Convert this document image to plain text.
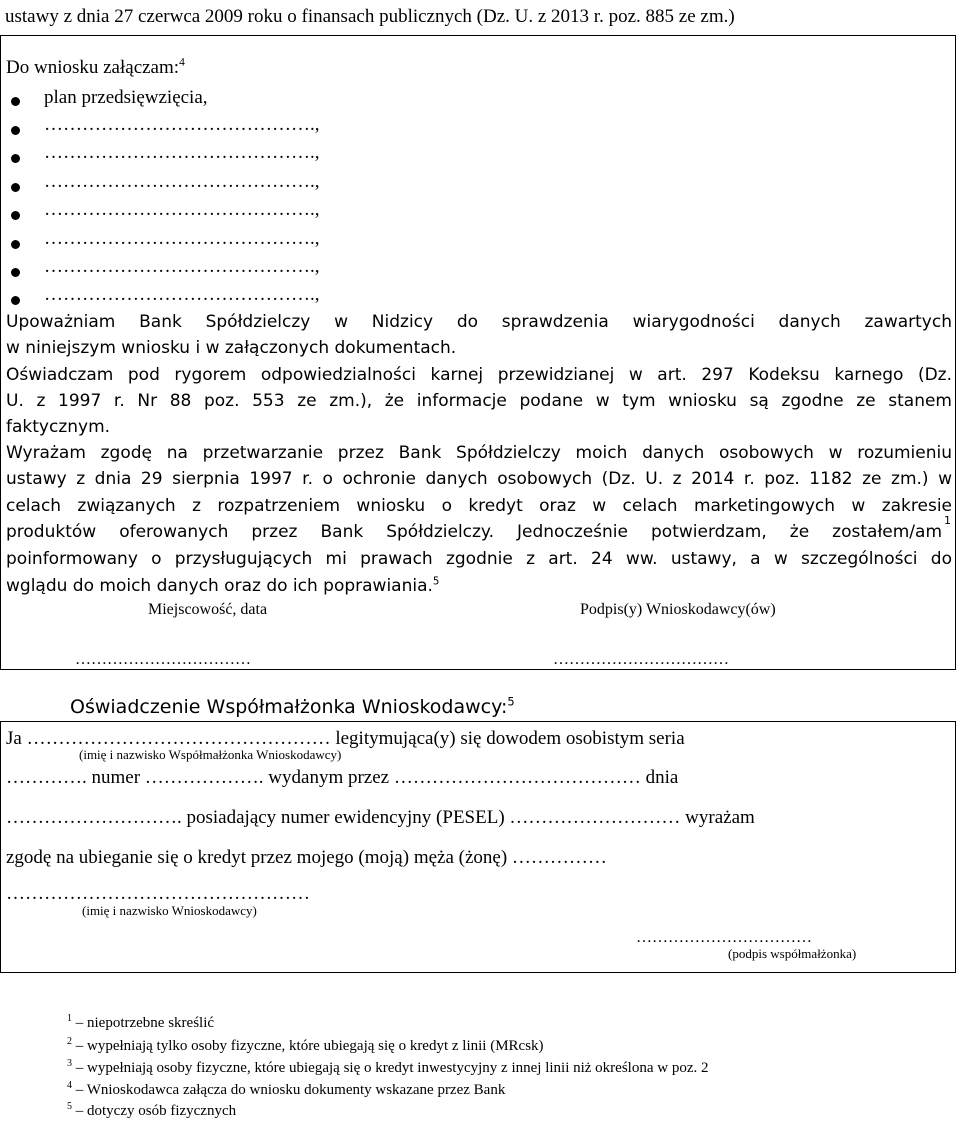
ustawy z dnia 27 czerwca 2009 roku o finansach publicznych (Dz. U. z 2013 r. poz. 885 ze zm.)
Do wniosku załączam:$^4$
plan przedsięwzięcia,
…………………………………….,
…………………………………….,
…………………………………….,
…………………………………….,
…………………………………….,
…………………………………….,
…………………………………….,
Upoważniam Bank Spółdzielczy w Nidzicy do sprawdzenia wiarygodności danych zawartych
w niniejszym wniosku i w załączonych dokumentach.
Oświadczam pod rygorem odpowiedzialności karnej przewidzianej w art. 297 Kodeksu karnego (Dz.
U. z 1997 r. Nr 88 poz. 553 ze zm.), że informacje podane w tym wniosku są zgodne ze stanem
faktycznym.
Wyrażam zgodę na przetwarzanie przez Bank Spółdzielczy moich danych osobowych w rozumieniu
ustawy z dnia 29 sierpnia 1997 r. o ochronie danych osobowych (Dz. U. z 2014 r. poz. 1182 ze zm.) w
celach związanych z rozpatrzeniem wniosku o kredyt oraz w celach marketingowych w zakresie
produktów oferowanych przez Bank Spółdzielczy. Jednocześnie potwierdzam, że zostałem/am
1
poinformowany o przysługujących mi prawach zgodnie z art. 24 ww. ustawy, a w szczególności do
wglądu do moich danych oraz do ich poprawiania.$^5$
Miejscowość, data	Podpis(y) Wnioskodawcy(ów)
……………………………	……………………………
Oświadczenie Współmałżonka Wnioskodawcy:$^5$
Ja ………………………………………… legitymująca(y) się dowodem osobistym seria
(imię i nazwisko Współmałżonka Wnioskodawcy)
…………. numer ………………. wydanym przez ………………………………… dnia
………………………. posiadający numer ewidencyjny (PESEL) ……………………… wyrażam
zgodę na ubieganie się o kredyt przez mojego (moją) męża (żonę) ……………
…………………………………………
(imię i nazwisko Wnioskodawcy)
……………………………
(podpis współmałżonka)
$^1$ – niepotrzebne skreślić
$^2$ – wypełniają tylko osoby fizyczne, które ubiegają się o kredyt z linii (MRcsk)
$^3$ – wypełniają osoby fizyczne, które ubiegają się o kredyt inwestycyjny z innej linii niż określona w poz. 2
$^4$ – Wnioskodawca załącza do wniosku dokumenty wskazane przez Bank
$^5$ – dotyczy osób fizycznych
